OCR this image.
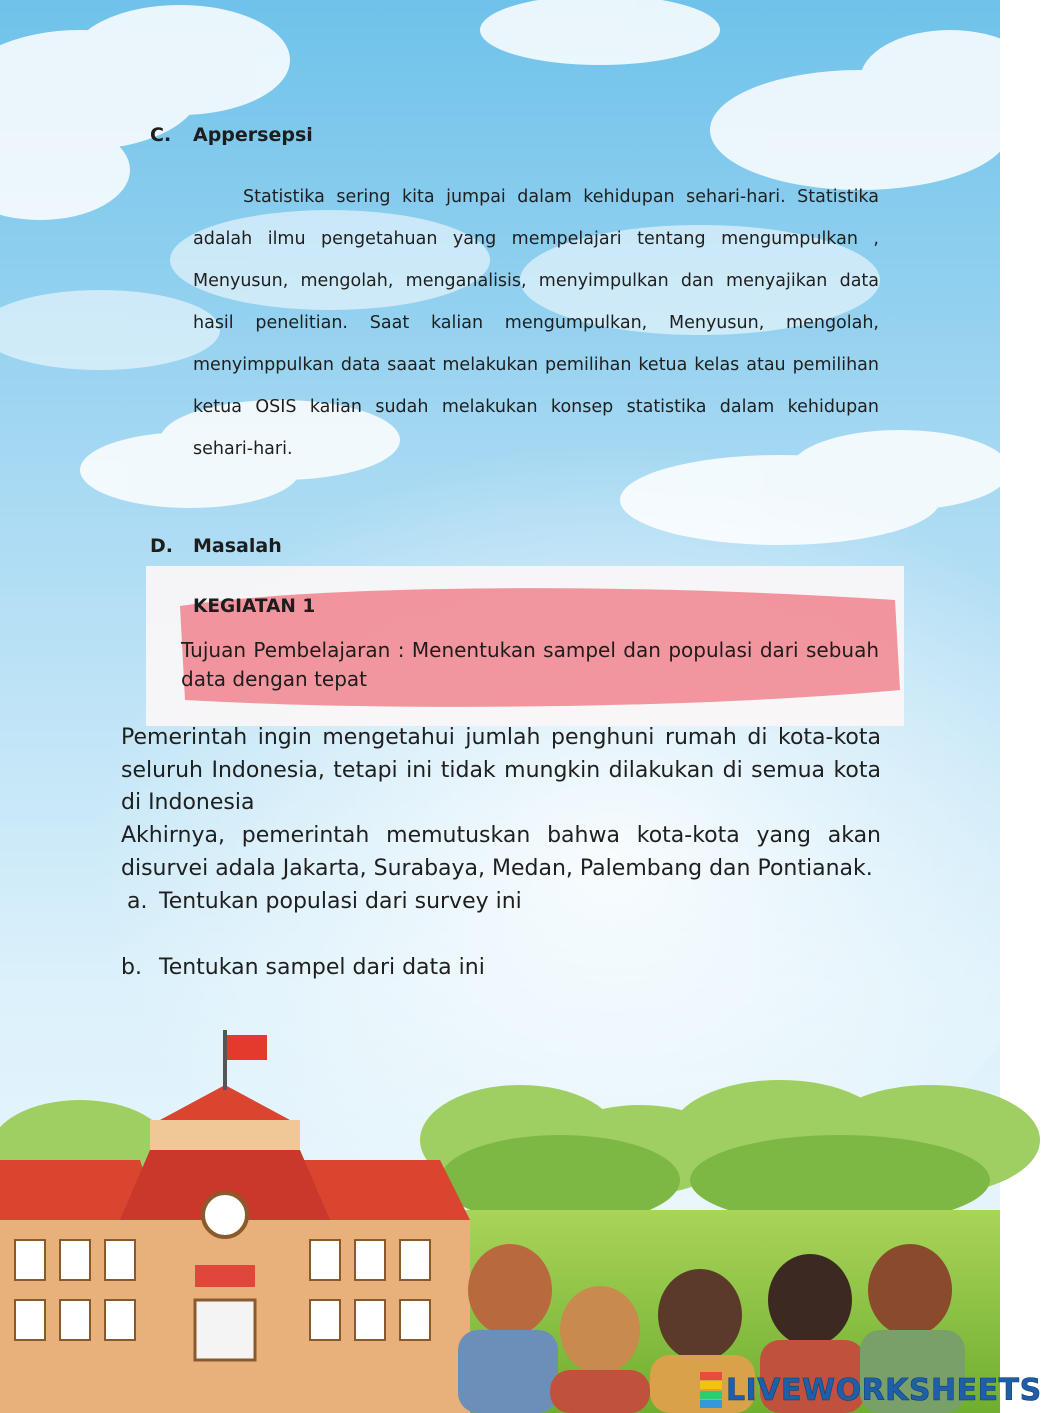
C. Appersepsi

Statistika sering kita jumpai dalam kehidupan sehari-hari. Statistika adalah ilmu pengetahuan yang mempelajari tentang mengumpulkan , Menyusun, mengolah, menganalisis, menyimpulkan dan menyajikan data hasil penelitian. Saat kalian mengumpulkan, Menyusun, mengolah, menyimppulkan data saaat melakukan pemilihan ketua kelas atau pemilihan ketua OSIS kalian sudah melakukan konsep statistika dalam kehidupan sehari-hari.

D. Masalah
KEGIATAN 1
Tujuan Pembelajaran : Menentukan sampel dan populasi dari sebuah data dengan tepat
Pemerintah ingin mengetahui jumlah penghuni rumah di kota-kota seluruh Indonesia, tetapi ini tidak mungkin dilakukan di semua kota di Indonesia
Akhirnya, pemerintah memutuskan bahwa kota-kota yang akan disurvei adala Jakarta, Surabaya, Medan, Palembang dan Pontianak.
a. Tentukan populasi dari survey ini
b. Tentukan sampel dari data ini
LIVEWORKSHEETS
